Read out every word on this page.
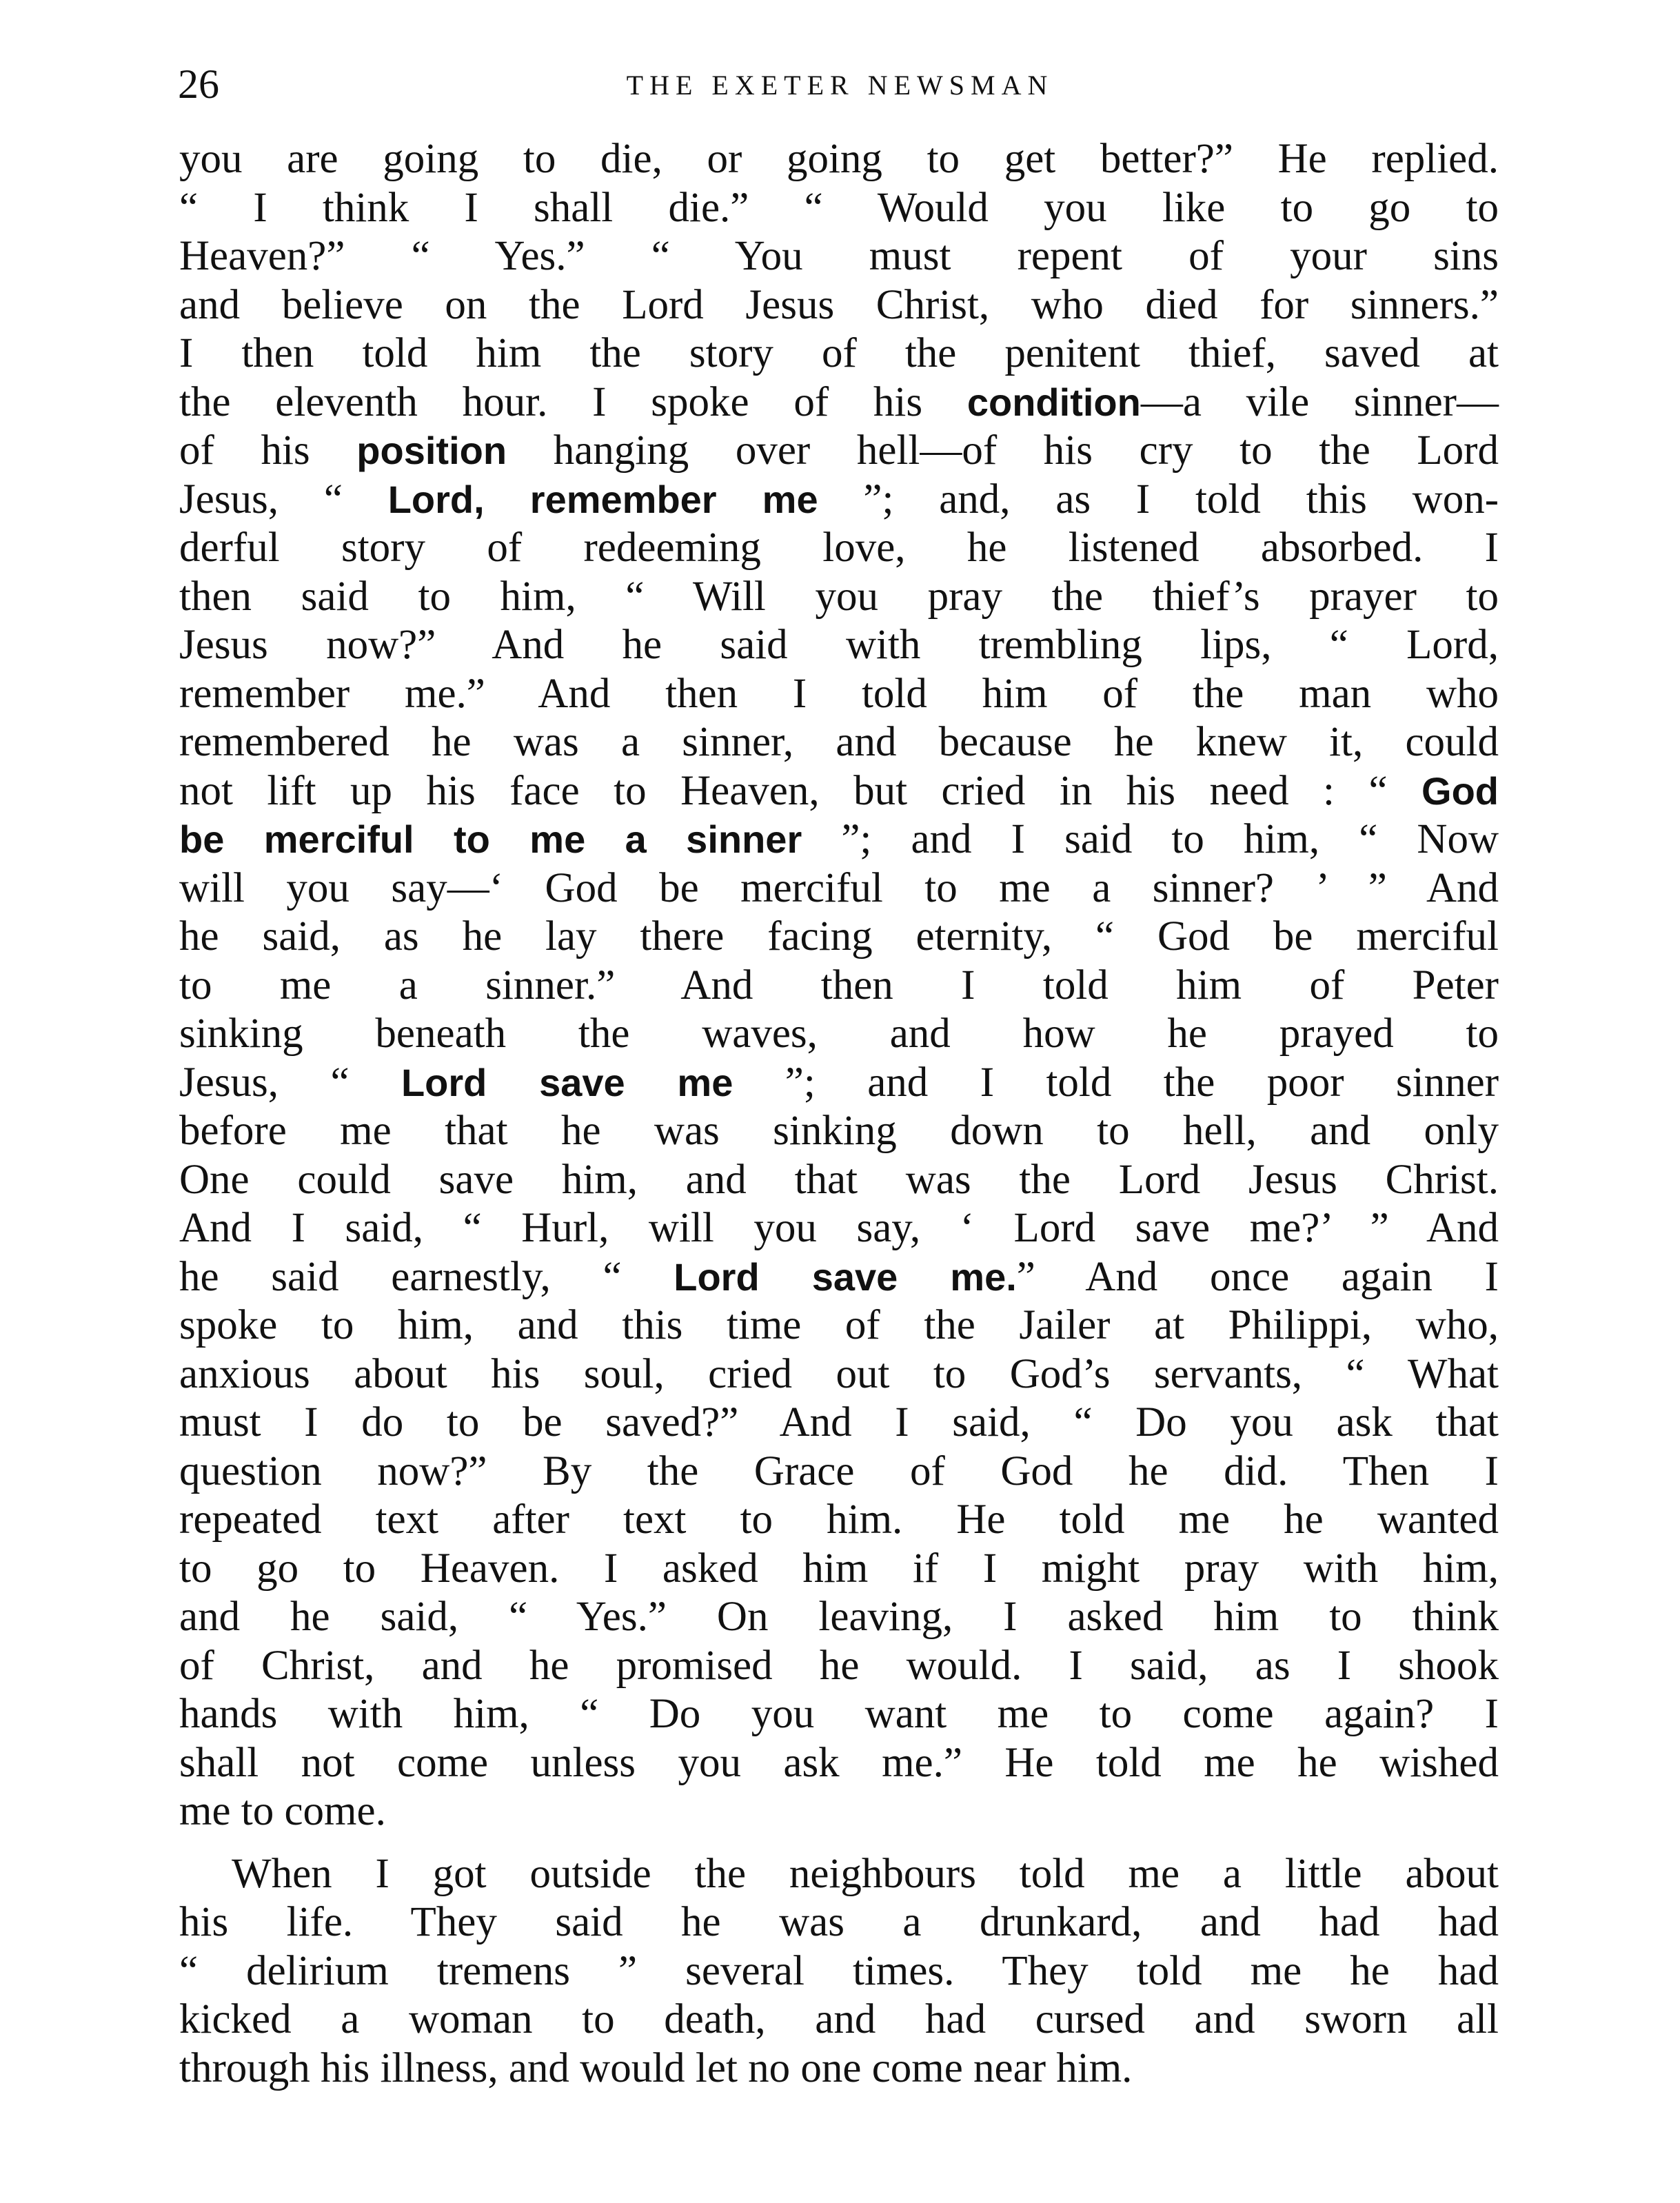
26	THE EXETER NEWSMAN
you are going to die, or going to get better?” He replied.
“ I think I shall die.” “ Would you like to go to
Heaven?” “ Yes.” “ You must repent of your sins
and believe on the Lord Jesus Christ, who died for sinners.”
I then told him the story of the penitent thief, saved at
the eleventh hour. I spoke of his condition—a vile sinner—
of his position hanging over hell—of his cry to the Lord
Jesus, “ Lord, remember me ”; and, as I told this won-
derful story of redeeming love, he listened absorbed. I
then said to him, “ Will you pray the thief’s prayer to
Jesus now?” And he said with trembling lips, “ Lord,
remember me.” And then I told him of the man who
remembered he was a sinner, and because he knew it, could
not lift up his face to Heaven, but cried in his need : “ God
be merciful to me a sinner ”; and I said to him, “ Now
will you say—‘ God be merciful to me a sinner? ’ ” And
he said, as he lay there facing eternity, “ God be merciful
to me a sinner.” And then I told him of Peter
sinking beneath the waves, and how he prayed to
Jesus, “ Lord save me ”; and I told the poor sinner
before me that he was sinking down to hell, and only
One could save him, and that was the Lord Jesus Christ.
And I said, “ Hurl, will you say, ‘ Lord save me?’ ” And
he said earnestly, “ Lord save me.” And once again I
spoke to him, and this time of the Jailer at Philippi, who,
anxious about his soul, cried out to God’s servants, “ What
must I do to be saved?” And I said, “ Do you ask that
question now?” By the Grace of God he did. Then I
repeated text after text to him. He told me he wanted
to go to Heaven. I asked him if I might pray with him,
and he said, “ Yes.” On leaving, I asked him to think
of Christ, and he promised he would. I said, as I shook
hands with him, “ Do you want me to come again? I
shall not come unless you ask me.” He told me he wished
me to come.
When I got outside the neighbours told me a little about
his life. They said he was a drunkard, and had had
“ delirium tremens ” several times. They told me he had
kicked a woman to death, and had cursed and sworn all
through his illness, and would let no one come near him.
